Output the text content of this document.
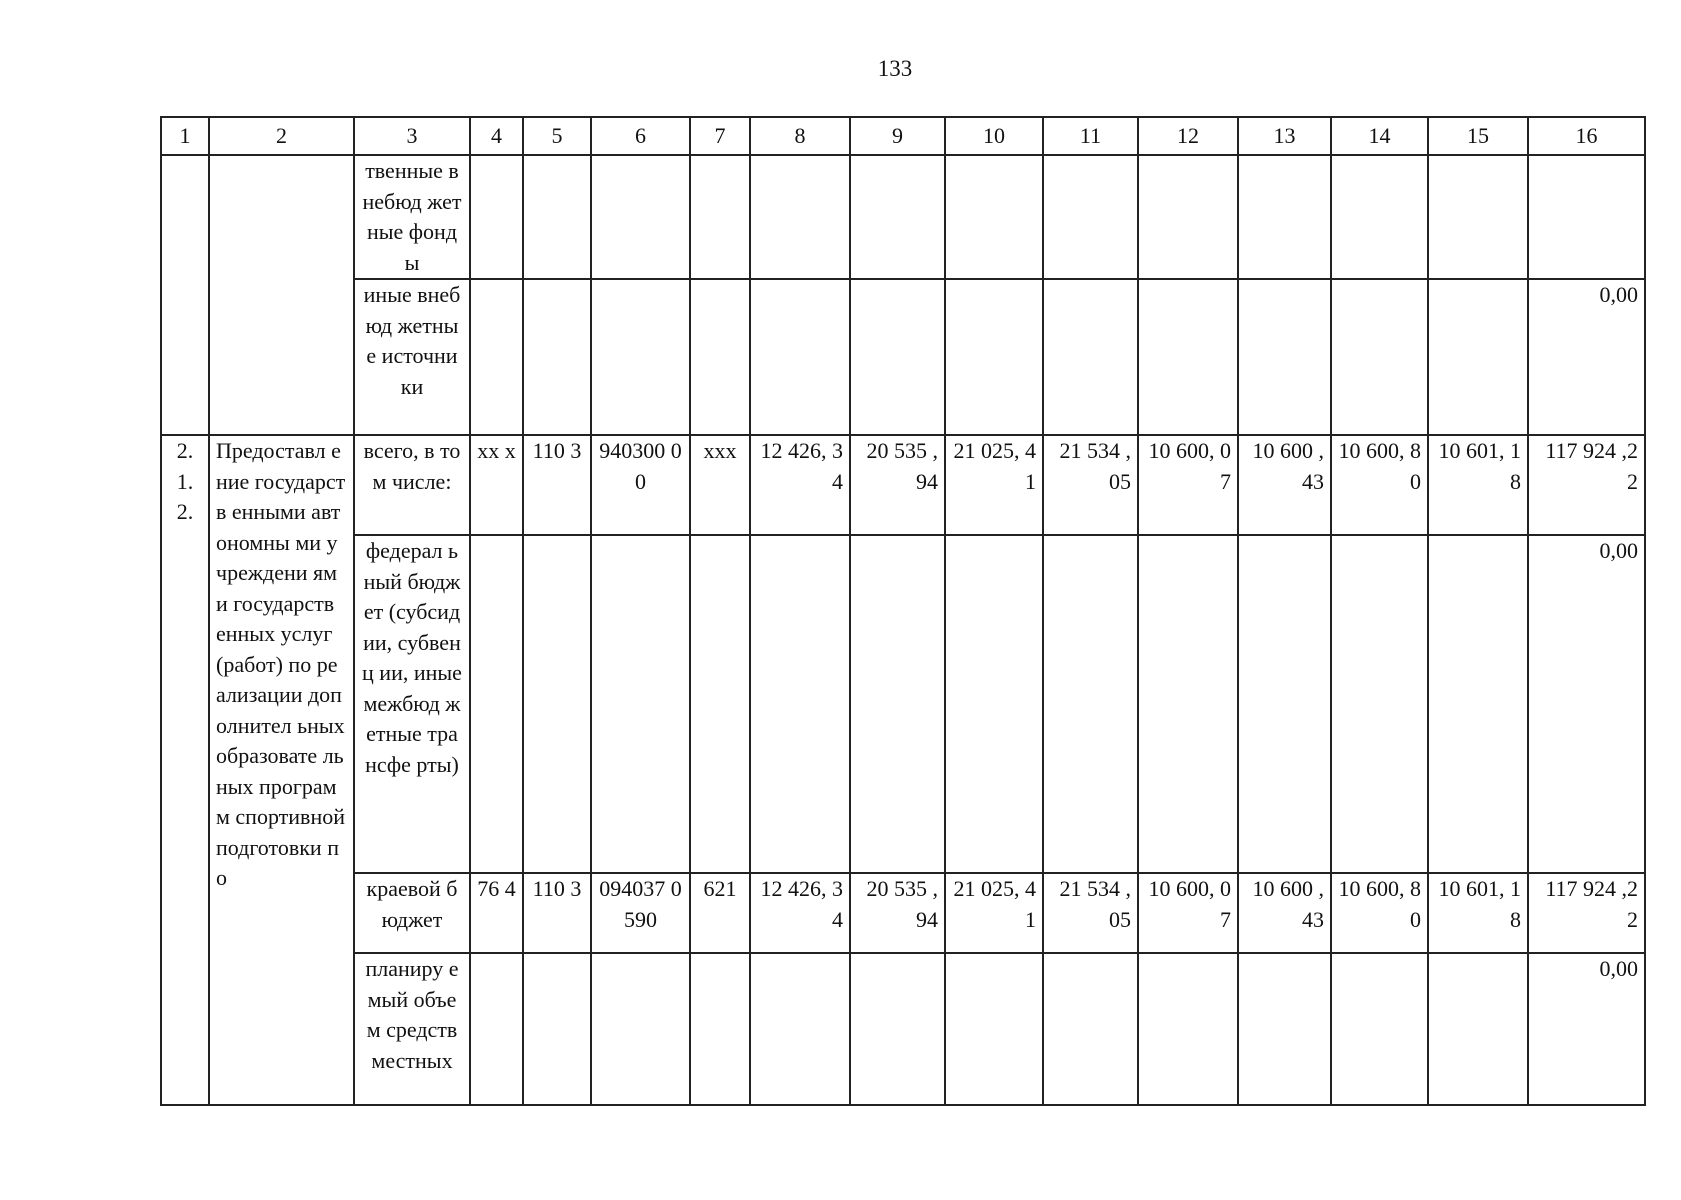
133
1	2	3	4	5	6	7	8	9	10	11	12	13	14	15	16
		твенные внебюд жетные фонды													
		иные внебюд жетные источни ки													0,00
2. 1. 2.	Предоставл ение государств енными автономны ми учреждени ями государств енных услуг (работ) по реализации дополнител ьных образовате льных программ спортивной подготовки по	всего, в том числе:	xx x	110 3	940300 00	xxx	12 426, 34	20 535 ,94	21 025, 41	21 534 ,05	10 600, 07	10 600 ,43	10 600, 80	10 601, 18	117 924 ,22
		федерал ьный бюджет (субсид ии, субвенц ии, иные межбюд жетные трансфе рты)													0,00
		краевой бюджет	76 4	110 3	094037 0590	621	12 426, 34	20 535 ,94	21 025, 41	21 534 ,05	10 600, 07	10 600 ,43	10 600, 80	10 601, 18	117 924 ,22
		планиру емый объем средств местных													0,00
